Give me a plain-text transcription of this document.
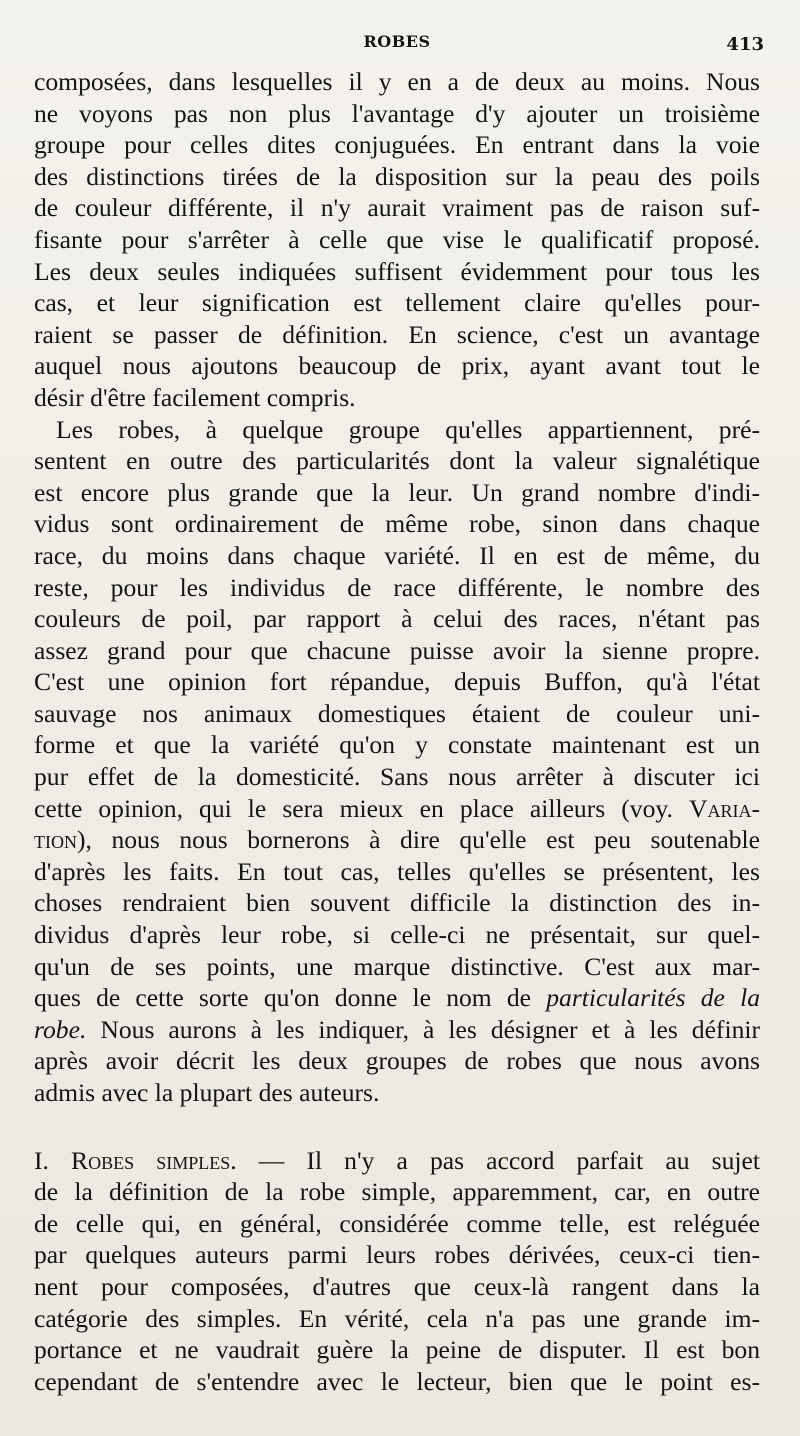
ROBES	413
composées, dans lesquelles il y en a de deux au moins. Nous
ne voyons pas non plus l'avantage d'y ajouter un troisième
groupe pour celles dites conjuguées. En entrant dans la voie
des distinctions tirées de la disposition sur la peau des poils
de couleur différente, il n'y aurait vraiment pas de raison suf-
fisante pour s'arrêter à celle que vise le qualificatif proposé.
Les deux seules indiquées suffisent évidemment pour tous les
cas, et leur signification est tellement claire qu'elles pour-
raient se passer de définition. En science, c'est un avantage
auquel nous ajoutons beaucoup de prix, ayant avant tout le
désir d'être facilement compris.
Les robes, à quelque groupe qu'elles appartiennent, pré-
sentent en outre des particularités dont la valeur signalétique
est encore plus grande que la leur. Un grand nombre d'indi-
vidus sont ordinairement de même robe, sinon dans chaque
race, du moins dans chaque variété. Il en est de même, du
reste, pour les individus de race différente, le nombre des
couleurs de poil, par rapport à celui des races, n'étant pas
assez grand pour que chacune puisse avoir la sienne propre.
C'est une opinion fort répandue, depuis Buffon, qu'à l'état
sauvage nos animaux domestiques étaient de couleur uni-
forme et que la variété qu'on y constate maintenant est un
pur effet de la domesticité. Sans nous arrêter à discuter ici
cette opinion, qui le sera mieux en place ailleurs (voy. Varia-
tion), nous nous bornerons à dire qu'elle est peu soutenable
d'après les faits. En tout cas, telles qu'elles se présentent, les
choses rendraient bien souvent difficile la distinction des in-
dividus d'après leur robe, si celle-ci ne présentait, sur quel-
qu'un de ses points, une marque distinctive. C'est aux mar-
ques de cette sorte qu'on donne le nom de particularités de la
robe. Nous aurons à les indiquer, à les désigner et à les définir
après avoir décrit les deux groupes de robes que nous avons
admis avec la plupart des auteurs.
I. Robes simples. — Il n'y a pas accord parfait au sujet
de la définition de la robe simple, apparemment, car, en outre
de celle qui, en général, considérée comme telle, est reléguée
par quelques auteurs parmi leurs robes dérivées, ceux-ci tien-
nent pour composées, d'autres que ceux-là rangent dans la
catégorie des simples. En vérité, cela n'a pas une grande im-
portance et ne vaudrait guère la peine de disputer. Il est bon
cependant de s'entendre avec le lecteur, bien que le point es-
